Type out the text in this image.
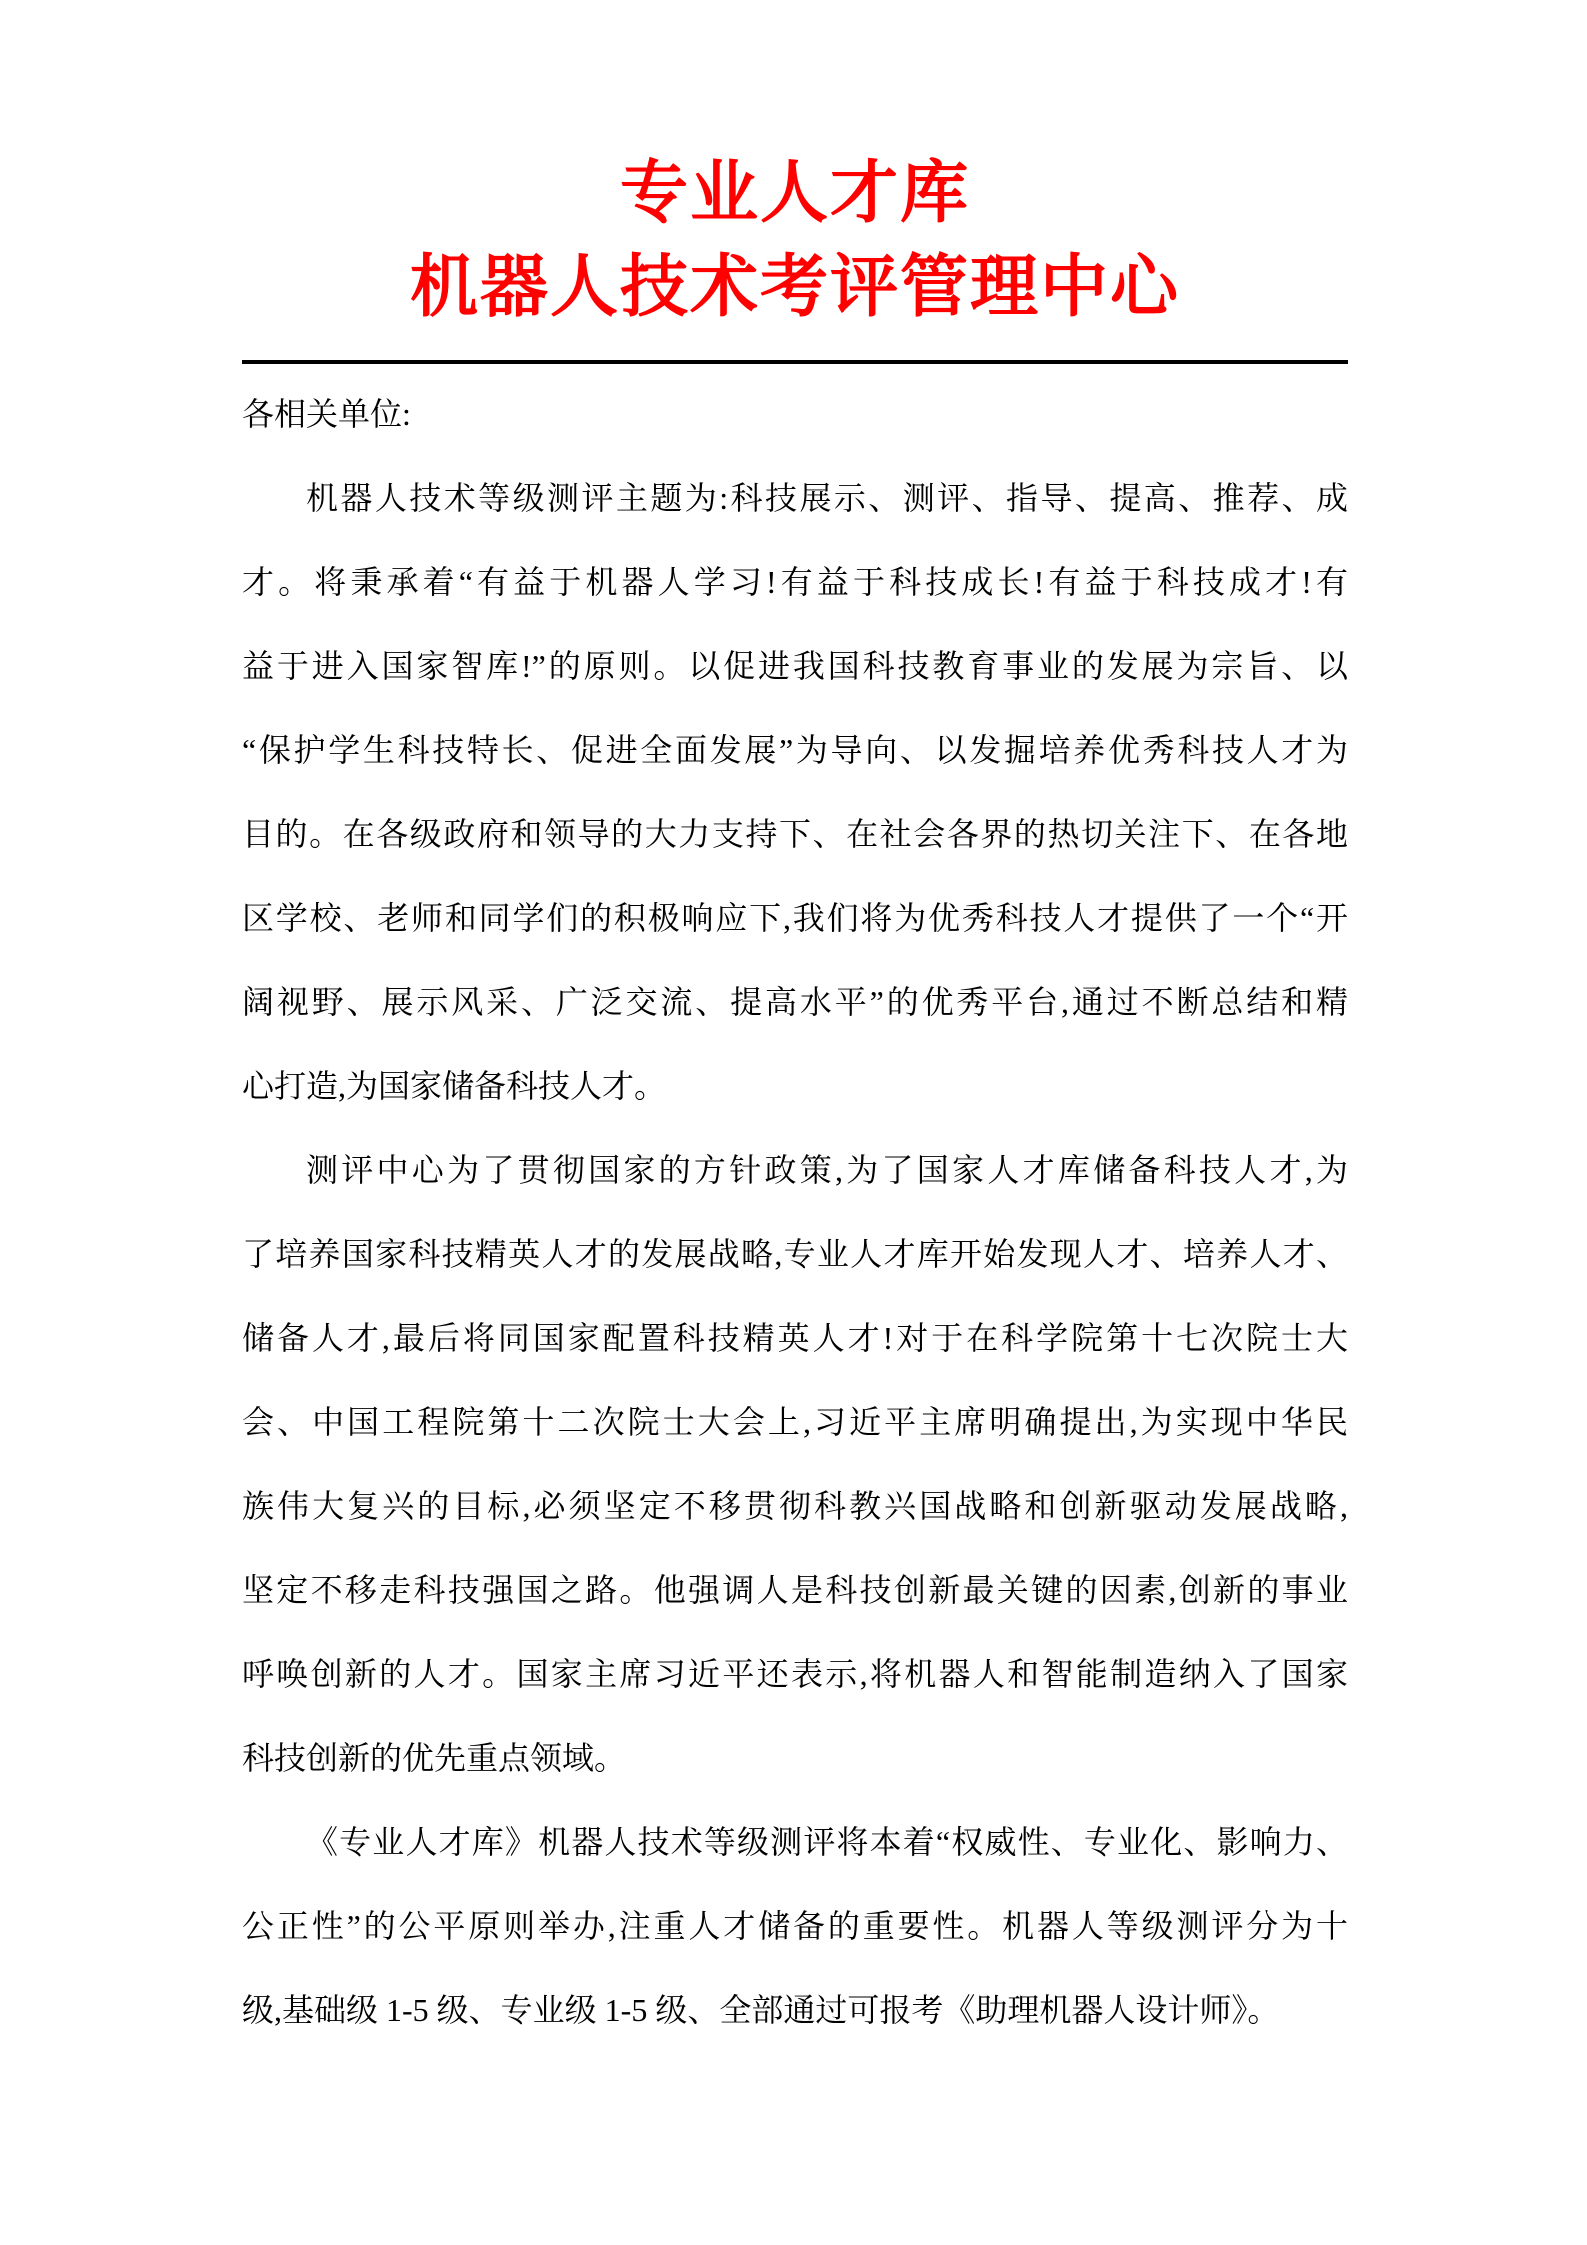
专业人才库
机器人技术考评管理中心
各相关单位:
机器人技术等级测评主题为:科技展示、测评、指导、提高、推荐、成
才。将秉承着“有益于机器人学习!有益于科技成长!有益于科技成才!有
益于进入国家智库!”的原则。以促进我国科技教育事业的发展为宗旨、以
“保护学生科技特长、促进全面发展”为导向、以发掘培养优秀科技人才为
目的。在各级政府和领导的大力支持下、在社会各界的热切关注下、在各地
区学校、老师和同学们的积极响应下,我们将为优秀科技人才提供了一个“开
阔视野、展示风采、广泛交流、提高水平”的优秀平台,通过不断总结和精
心打造,为国家储备科技人才。
测评中心为了贯彻国家的方针政策,为了国家人才库储备科技人才,为
了培养国家科技精英人才的发展战略,专业人才库开始发现人才、培养人才、
储备人才,最后将同国家配置科技精英人才!对于在科学院第十七次院士大
会、中国工程院第十二次院士大会上,习近平主席明确提出,为实现中华民
族伟大复兴的目标,必须坚定不移贯彻科教兴国战略和创新驱动发展战略,
坚定不移走科技强国之路。他强调人是科技创新最关键的因素,创新的事业
呼唤创新的人才。国家主席习近平还表示,将机器人和智能制造纳入了国家
科技创新的优先重点领域。
《专业人才库》机器人技术等级测评将本着“权威性、专业化、影响力、
公正性”的公平原则举办,注重人才储备的重要性。机器人等级测评分为十
级,基础级 1-5 级、专业级 1-5 级、全部通过可报考《助理机器人设计师》。
